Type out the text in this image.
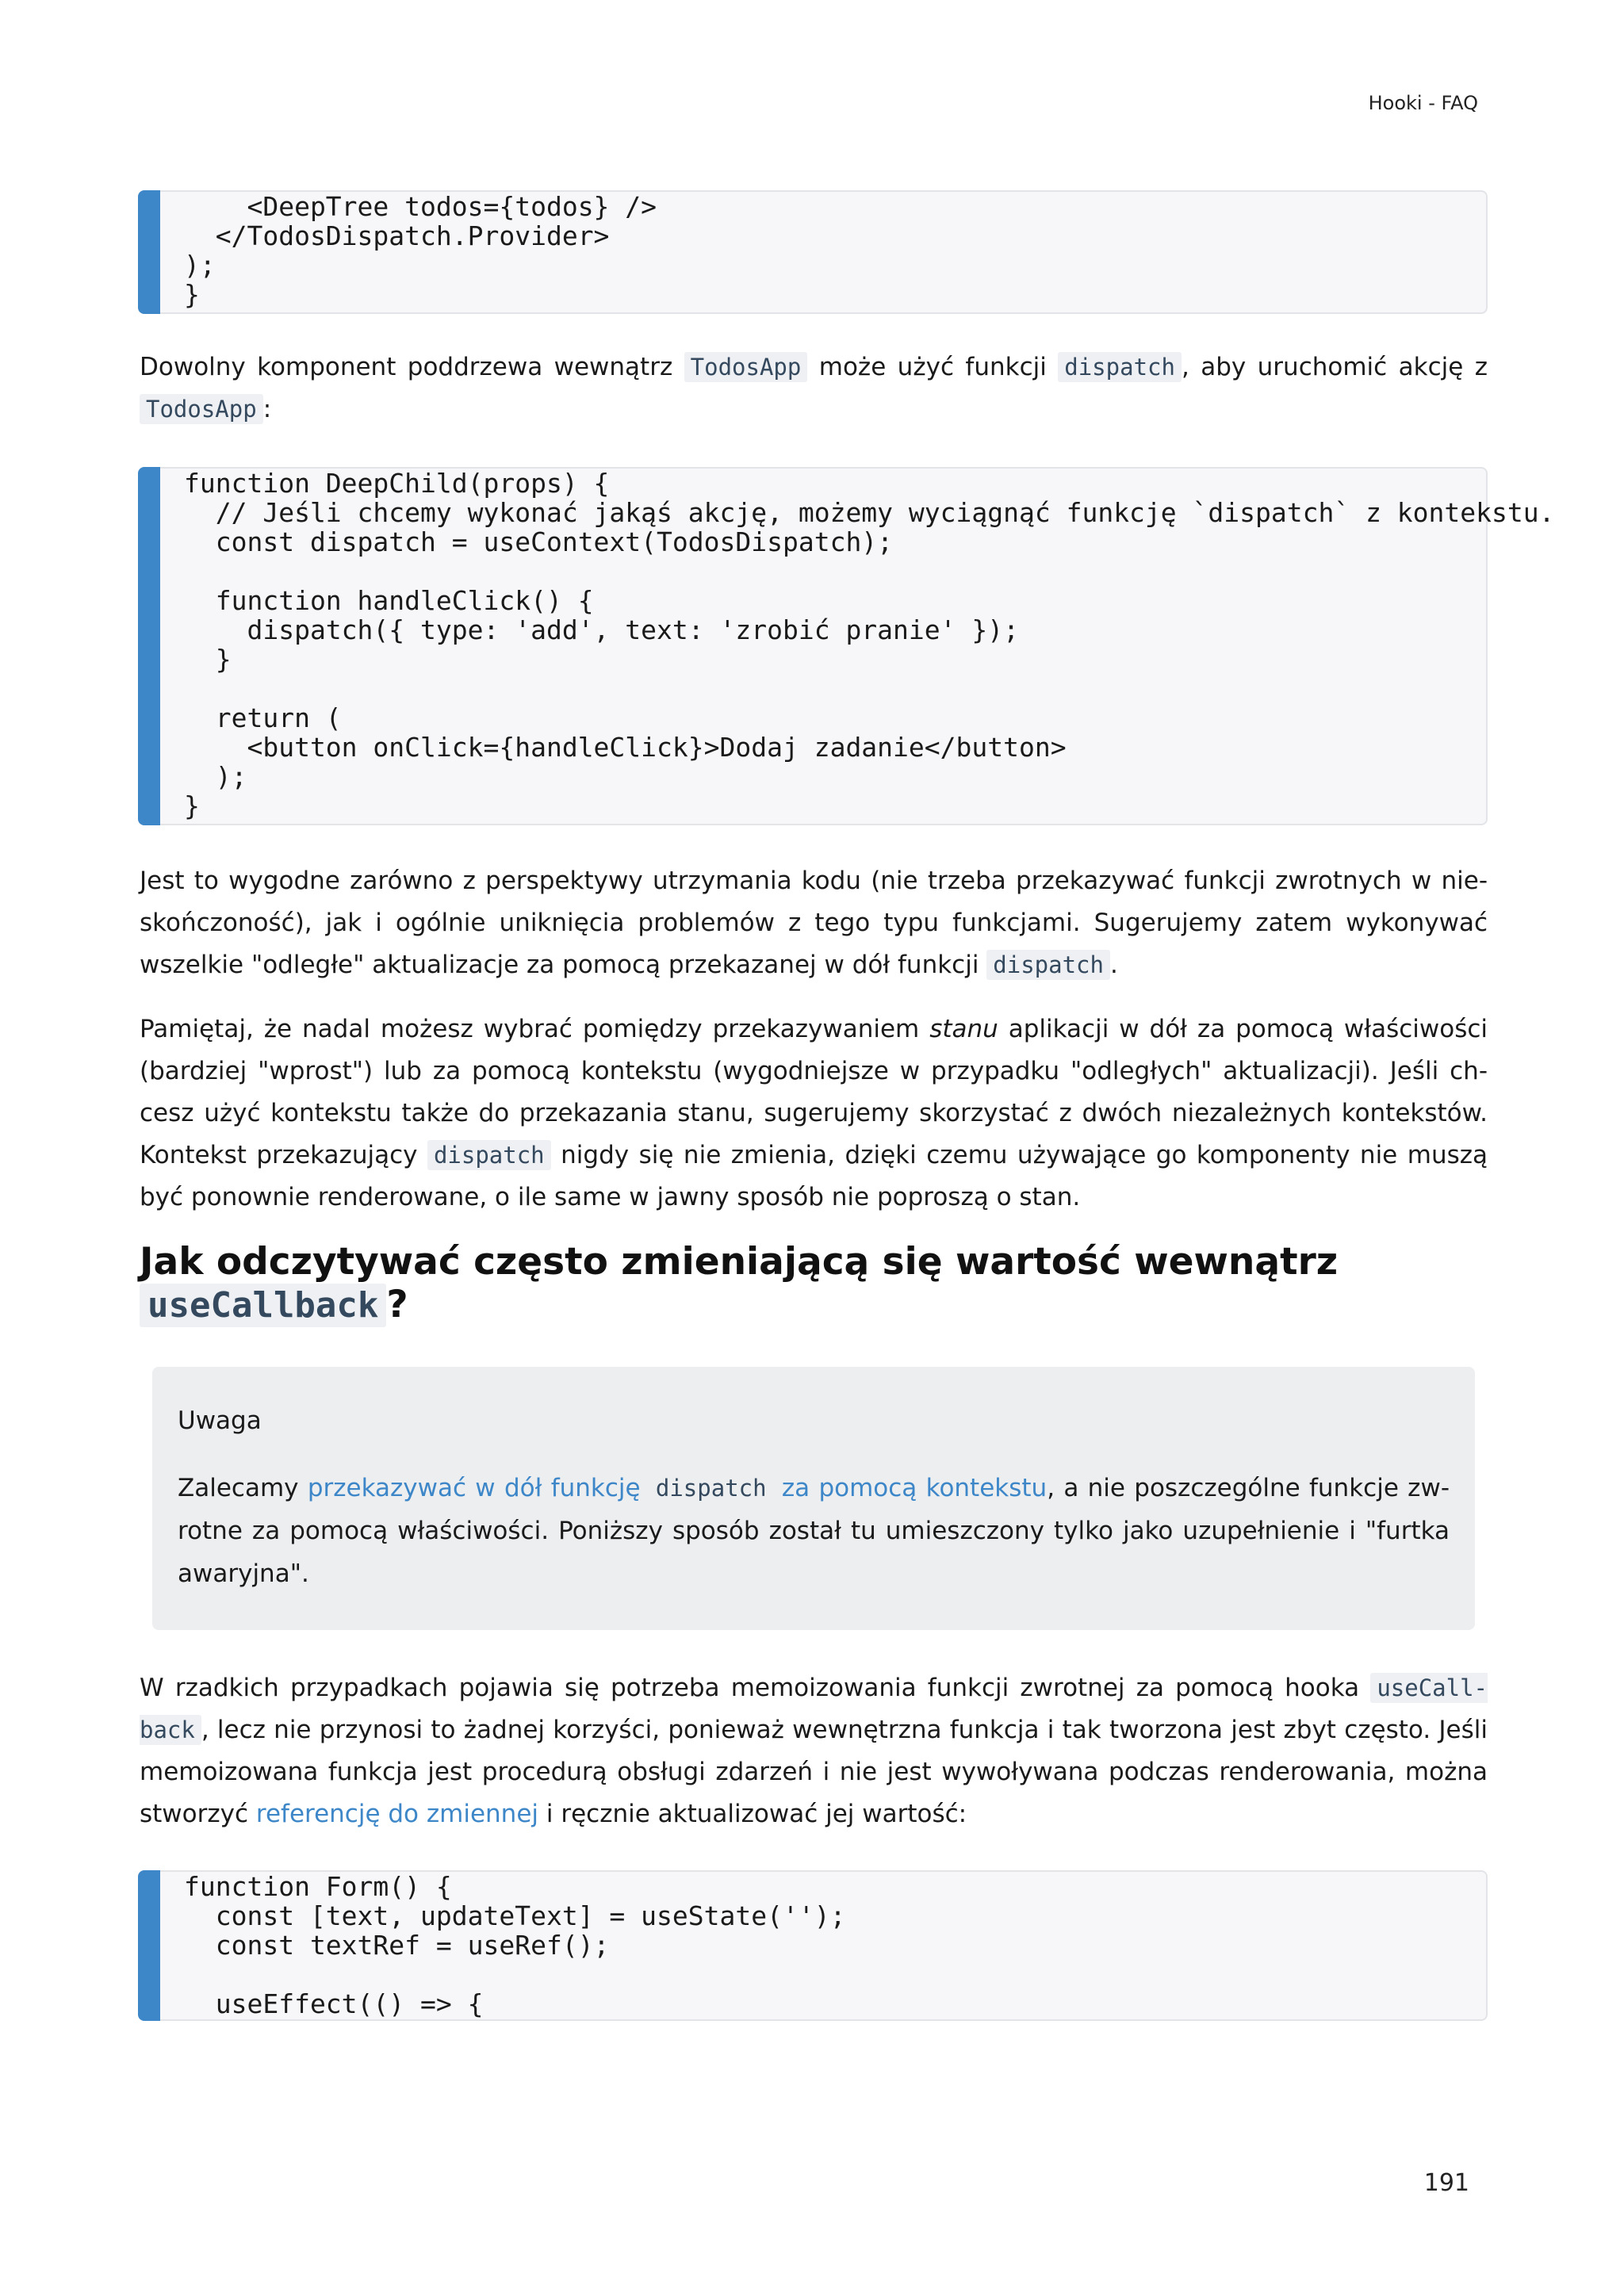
Hooki - FAQ
<DeepTree todos={todos} />
</TodosDispatch.Provider>
);
}
Dowolny komponent poddrzewa wewnątrz TodosApp może użyć funkcji dispatch , aby uruchomić akcję z TodosApp :
function DeepChild(props) {
// Jeśli chcemy wykonać jakąś akcję, możemy wyciągnąć funkcję `dispatch` z kontekstu.
const dispatch = useContext(TodosDispatch);
function handleClick() {
dispatch({ type: 'add', text: 'zrobić pranie' });
}
return (
<button onClick={handleClick}>Dodaj zadanie</button>
);
}
Jest to wygodne zarówno z perspektywy utrzymania kodu (nie trzeba przekazywać funkcji zwrotnych w nieskończoność), jak i ogólnie uniknięcia problemów z tego typu funkcjami. Sugerujemy zatem wykonywać wszelkie "odległe" aktualizacje za pomocą przekazanej w dół funkcji dispatch .
Pamiętaj, że nadal możesz wybrać pomiędzy przekazywaniem stanu aplikacji w dół za pomocą właściwości (bardziej "wprost") lub za pomocą kontekstu (wygodniejsze w przypadku "odległych" aktualizacji). Jeśli chcesz użyć kontekstu także do przekazania stanu, sugerujemy skorzystać z dwóch niezależnych kontekstów. Kontekst przekazujący dispatch nigdy się nie zmienia, dzięki czemu używające go komponenty nie muszą być ponownie renderowane, o ile same w jawny sposób nie poproszą o stan.
Jak odczytywać często zmieniającą się wartość wewnątrz useCallback ?
Uwaga
Zalecamy przekazywać w dół funkcję dispatch za pomocą kontekstu, a nie poszczególne funkcje zwrotne za pomocą właściwości. Poniższy sposób został tu umieszczony tylko jako uzupełnienie i "furtka awaryjna".
W rzadkich przypadkach pojawia się potrzeba memoizowania funkcji zwrotnej za pomocą hooka useCallback , lecz nie przynosi to żadnej korzyści, ponieważ wewnętrzna funkcja i tak tworzona jest zbyt często. Jeśli memoizowana funkcja jest procedurą obsługi zdarzeń i nie jest wywoływana podczas renderowania, można stworzyć referencję do zmiennej i ręcznie aktualizować jej wartość:
function Form() {
const [text, updateText] = useState('');
const textRef = useRef();
useEffect(() => {
191
